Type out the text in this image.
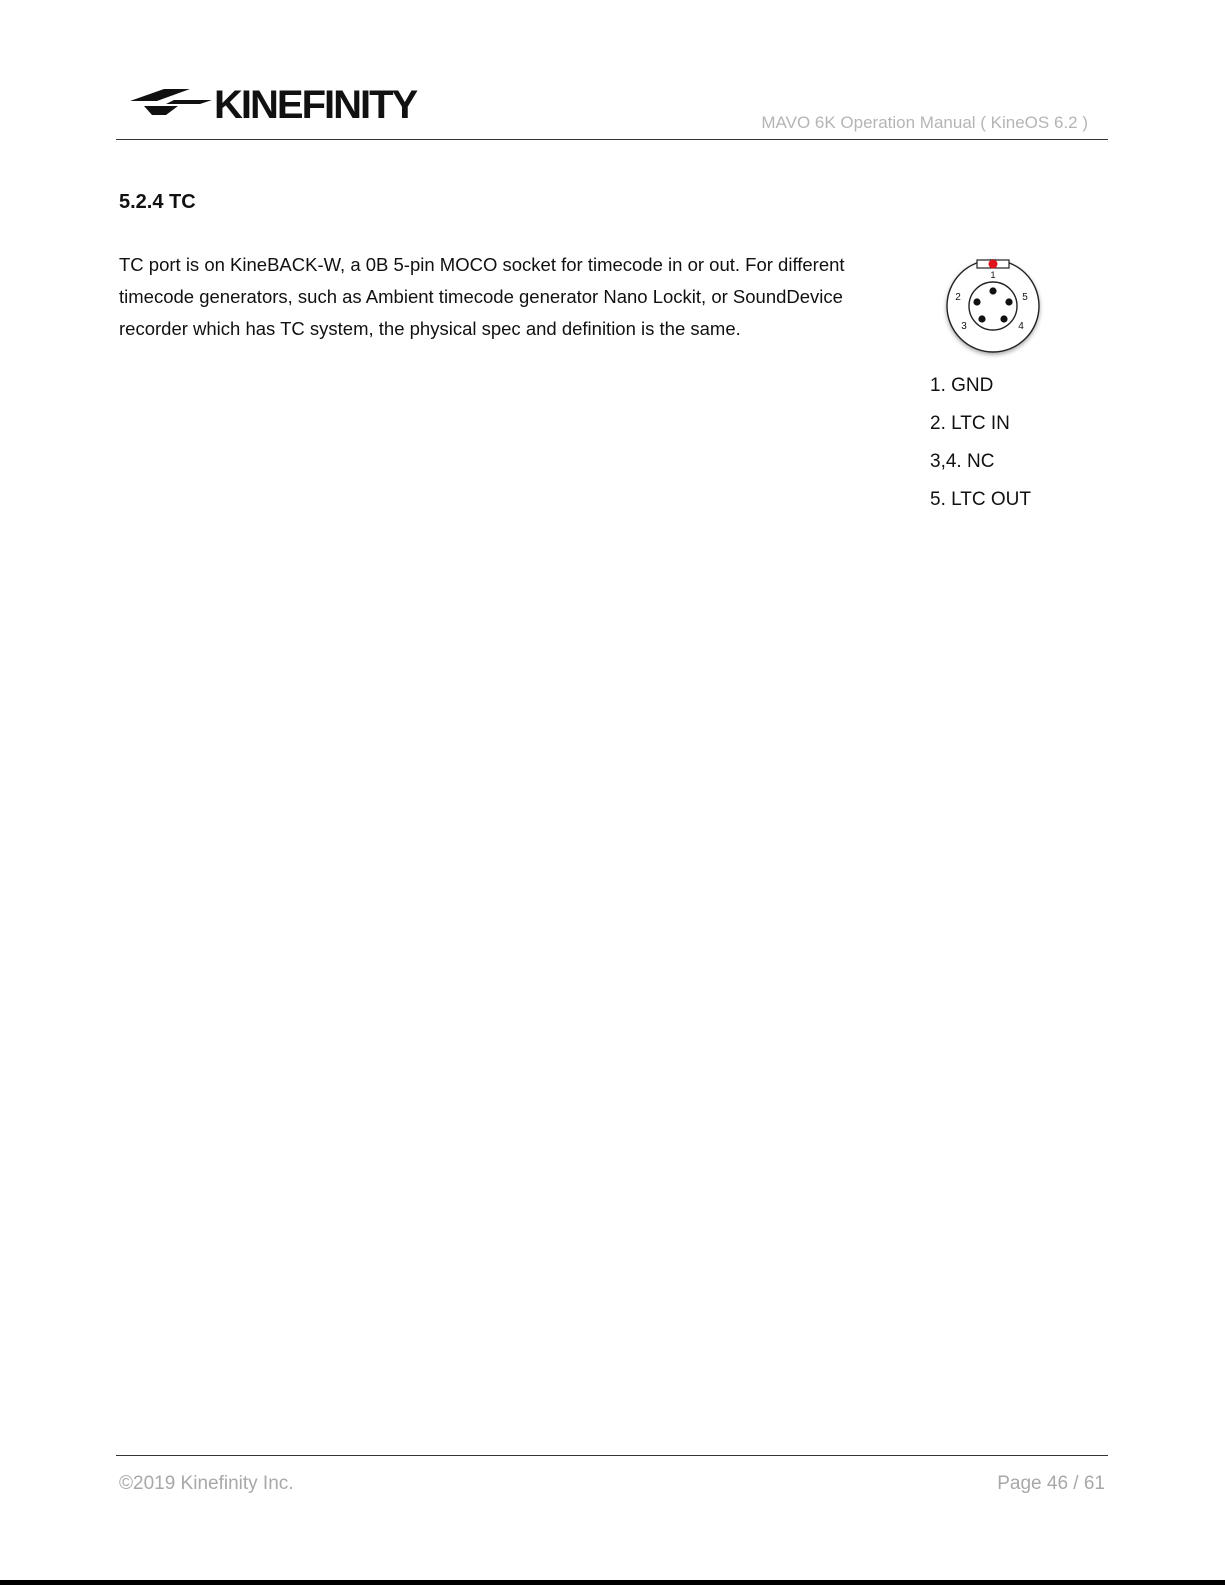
KINEFINITY	MAVO 6K Operation Manual ( KineOS 6.2 )
5.2.4 TC
TC port is on KineBACK-W, a 0B 5-pin MOCO socket for timecode in or out. For different timecode generators, such as Ambient timecode generator Nano Lockit, or SoundDevice recorder which has TC system, the physical spec and definition is the same.
1
2
3	4
5
1. GND
2. LTC IN
3,4. NC
5. LTC OUT
©2019 Kinefinity Inc.	Page 46 / 61
